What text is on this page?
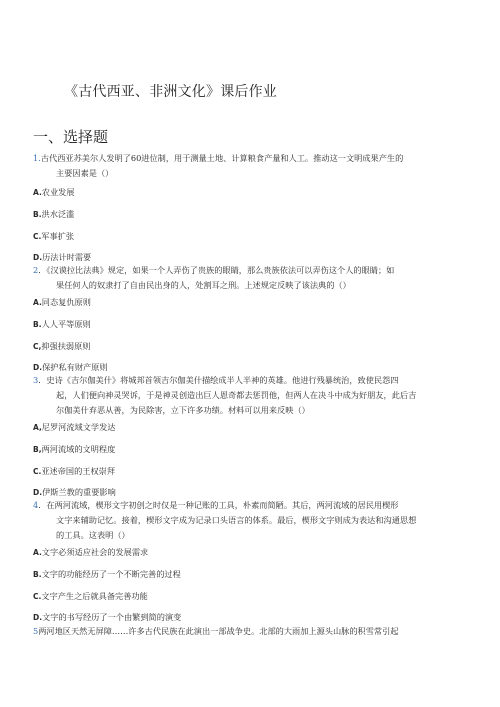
《古代西亚、非洲文化》课后作业
一、选择题
1.古代西亚苏美尔人发明了60进位制，用于测量土地、计算粮食产量和人工。推动这一文明成果产生的
主要因素是（）
A.农业发展
B.洪水泛滥
C.军事扩张
D.历法计时需要
2．《汉谟拉比法典》规定，如果一个人弄伤了贵族的眼睛，那么贵族依法可以弄伤这个人的眼睛；如
果任何人的奴隶打了自由民出身的人，处割耳之刑。上述规定反映了该法典的（）
A.同态复仇原则
B.人人平等原则
C,抑强扶弱原则
D.保护私有财产原则
3．史诗《吉尔伽美什》将城邦首领吉尔伽美什描绘成半人半神的英雄。他进行残暴统治，致使民怨四
起，人们便向神灵哭诉，于是神灵创造出巨人恩奇都去惩罚他，但两人在决斗中成为好朋友，此后吉
尔伽美什弃恶从善，为民除害，立下许多功绩。材料可以用来反映（）
A,尼罗河流域文学发达
B,两河流域的文明程度
C.亚述帝国的王权崇拜
D.伊斯兰教的重要影响
4．在两河流域，楔形文字初创之时仅是一种记账的工具，朴素而简陋。其后，两河流域的居民用楔形
文字来辅助记忆。接着，楔形文字成为记录口头语言的体系。最后，楔形文字则成为表达和沟通思想
的工具。这表明（）
A.文字必须适应社会的发展需求
B.文字的功能经历了一个不断完善的过程
C.文字产生之后就具备完善功能
D.文字的书写经历了一个由繁到简的演变
5两河地区天然无屏障……许多古代民族在此演出一部战争史。北部的大雨加上源头山脉的积雪常引起
